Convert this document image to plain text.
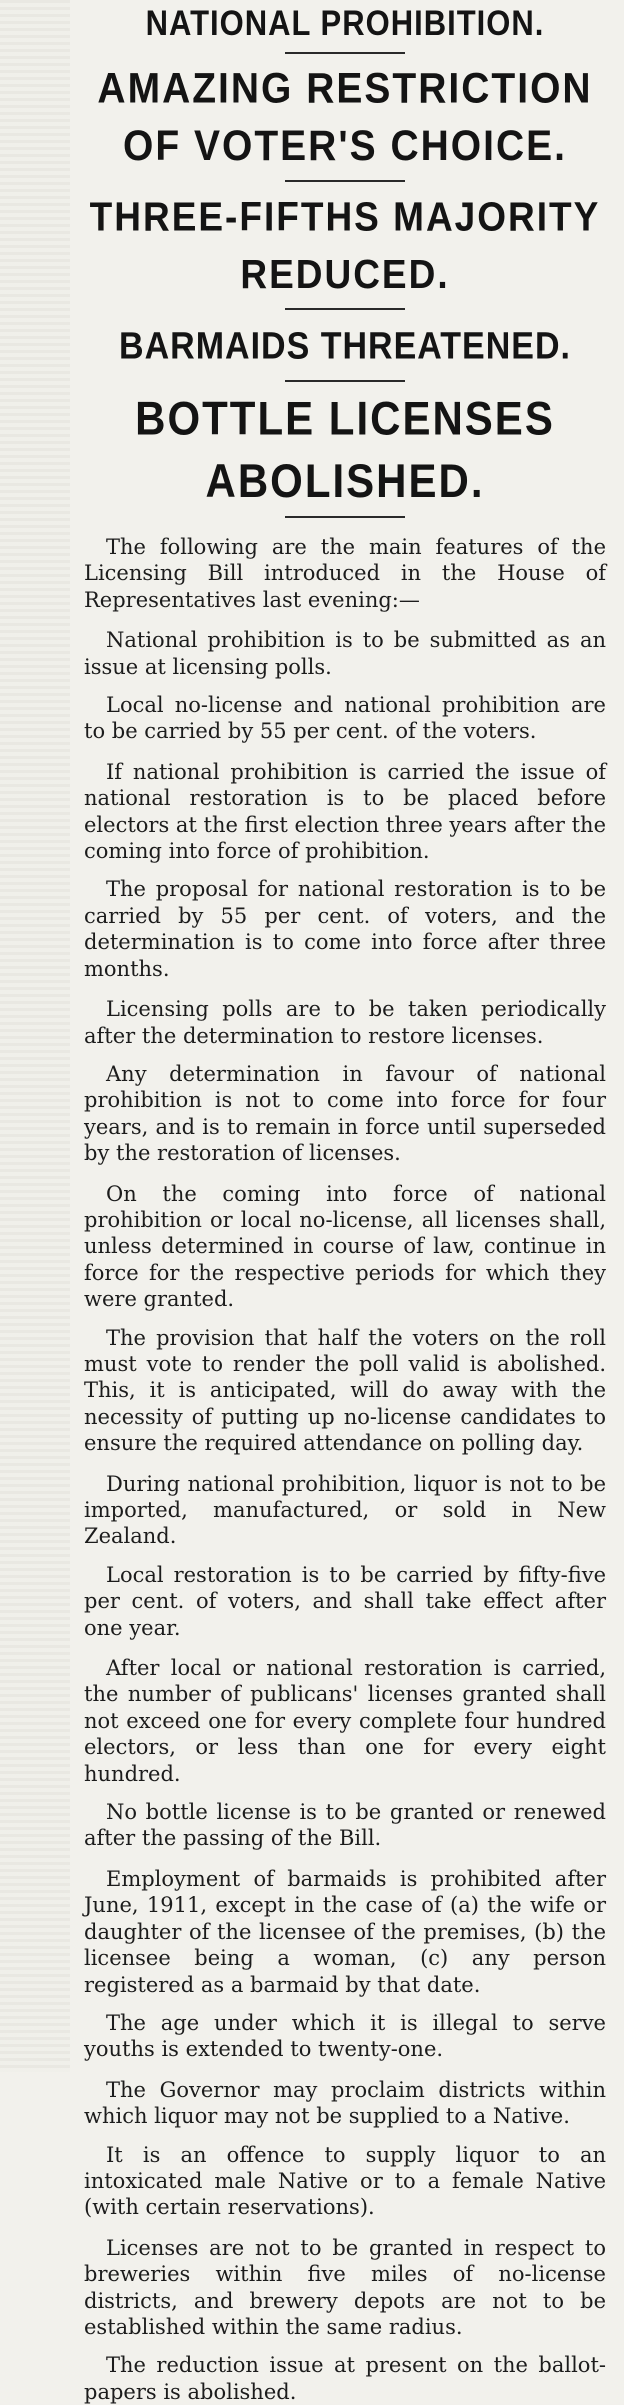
NATIONAL PROHIBITION.
AMAZING RESTRICTION OF VOTER'S CHOICE.
THREE-FIFTHS MAJORITY REDUCED.
BARMAIDS THREATENED.
BOTTLE LICENSES ABOLISHED.

The following are the main features of the Licensing Bill introduced in the House of Representatives last evening:—

National prohibition is to be submitted as an issue at licensing polls.

Local no-license and national prohibition are to be carried by 55 per cent. of the voters.

If national prohibition is carried the issue of national restoration is to be placed before electors at the first election three years after the coming into force of prohibition.

The proposal for national restoration is to be carried by 55 per cent. of voters, and the determination is to come into force after three months.

Licensing polls are to be taken periodically after the determination to restore licenses.

Any determination in favour of national prohibition is not to come into force for four years, and is to remain in force until superseded by the restoration of licenses.

On the coming into force of national prohibition or local no-license, all licenses shall, unless determined in course of law, continue in force for the respective periods for which they were granted.

The provision that half the voters on the roll must vote to render the poll valid is abolished. This, it is anticipated, will do away with the necessity of putting up no-license candidates to ensure the required attendance on polling day.

During national prohibition, liquor is not to be imported, manufactured, or sold in New Zealand.

Local restoration is to be carried by fifty-five per cent. of voters, and shall take effect after one year.

After local or national restoration is carried, the number of publicans' licenses granted shall not exceed one for every complete four hundred electors, or less than one for every eight hundred.

No bottle license is to be granted or renewed after the passing of the Bill.

Employment of barmaids is prohibited after June, 1911, except in the case of (a) the wife or daughter of the licensee of the premises, (b) the licensee being a woman, (c) any person registered as a barmaid by that date.

The age under which it is illegal to serve youths is extended to twenty-one.

The Governor may proclaim districts within which liquor may not be supplied to a Native.

It is an offence to supply liquor to an intoxicated male Native or to a female Native (with certain reservations).

Licenses are not to be granted in respect to breweries within five miles of no-license districts, and brewery depots are not to be established within the same radius.

The reduction issue at present on the ballot-papers is abolished.
